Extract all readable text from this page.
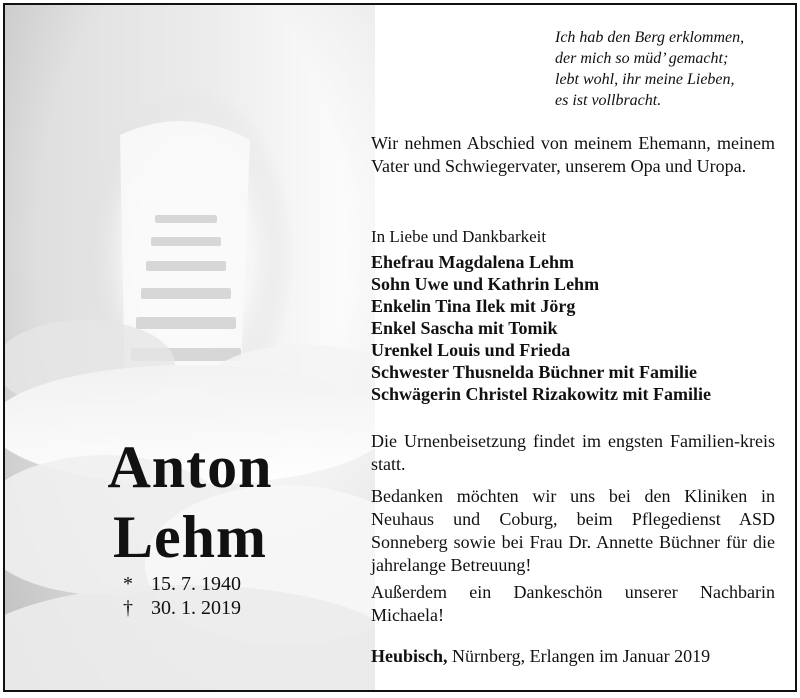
Anton
Lehm
* 15. 7. 1940
† 30. 1. 2019
Ich hab den Berg erklommen,
der mich so müd’ gemacht;
lebt wohl, ihr meine Lieben,
es ist vollbracht.
Wir nehmen Abschied von meinem Ehemann, meinem Vater und Schwiegervater, unserem Opa und Uropa.
In Liebe und Dankbarkeit
Ehefrau Magdalena Lehm
Sohn Uwe und Kathrin Lehm
Enkelin Tina Ilek mit Jörg
Enkel Sascha mit Tomik
Urenkel Louis und Frieda
Schwester Thusnelda Büchner mit Familie
Schwägerin Christel Rizakowitz mit Familie
Die Urnenbeisetzung findet im engsten Familien-kreis statt.
Bedanken möchten wir uns bei den Kliniken in Neuhaus und Coburg, beim Pflegedienst ASD Sonneberg sowie bei Frau Dr. Annette Büchner für die jahrelange Betreuung!
Außerdem ein Dankeschön unserer Nachbarin Michaela!
Heubisch, Nürnberg, Erlangen im Januar 2019
